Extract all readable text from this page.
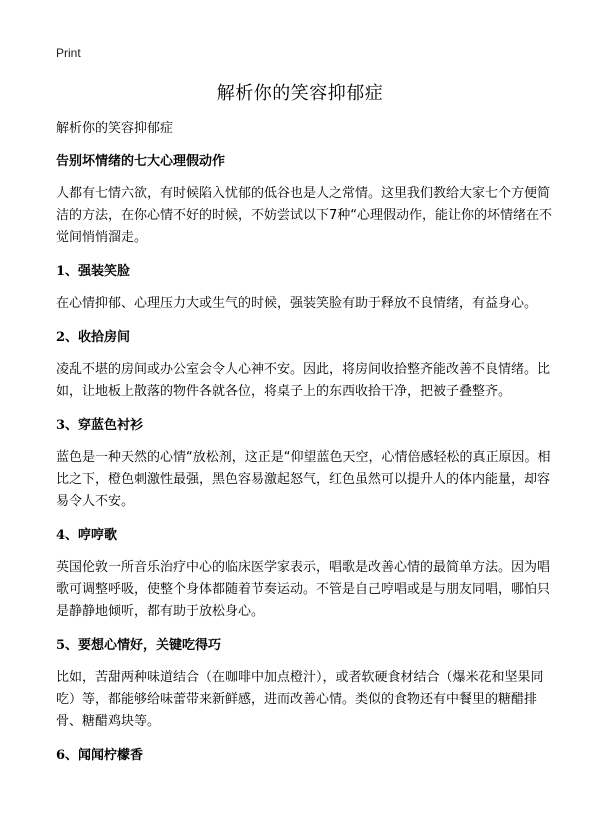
Print
解析你的笑容抑郁症

解析你的笑容抑郁症

告别坏情绪的七大心理假动作

人都有七情六欲，有时候陷入忧郁的低谷也是人之常情。这里我们教给大家七个方便简洁的方法，在你心情不好的时候，不妨尝试以下7种“心理假动作，能让你的坏情绪在不觉间悄悄溜走。

1、强装笑脸

在心情抑郁、心理压力大或生气的时候，强装笑脸有助于释放不良情绪，有益身心。

2、收拾房间

凌乱不堪的房间或办公室会令人心神不安。因此，将房间收拾整齐能改善不良情绪。比如，让地板上散落的物件各就各位，将桌子上的东西收拾干净，把被子叠整齐。

3、穿蓝色衬衫

蓝色是一种天然的心情“放松剂，这正是“仰望蓝色天空，心情倍感轻松的真正原因。相比之下，橙色刺激性最强，黑色容易激起怒气，红色虽然可以提升人的体内能量，却容易令人不安。

4、哼哼歌

英国伦敦一所音乐治疗中心的临床医学家表示，唱歌是改善心情的最简单方法。因为唱歌可调整呼吸，使整个身体都随着节奏运动。不管是自己哼唱或是与朋友同唱，哪怕只是静静地倾听，都有助于放松身心。

5、要想心情好，关键吃得巧

比如，苦甜两种味道结合（在咖啡中加点橙汁），或者软硬食材结合（爆米花和坚果同吃）等，都能够给味蕾带来新鲜感，进而改善心情。类似的食物还有中餐里的糖醋排骨、糖醋鸡块等。

6、闻闻柠檬香
